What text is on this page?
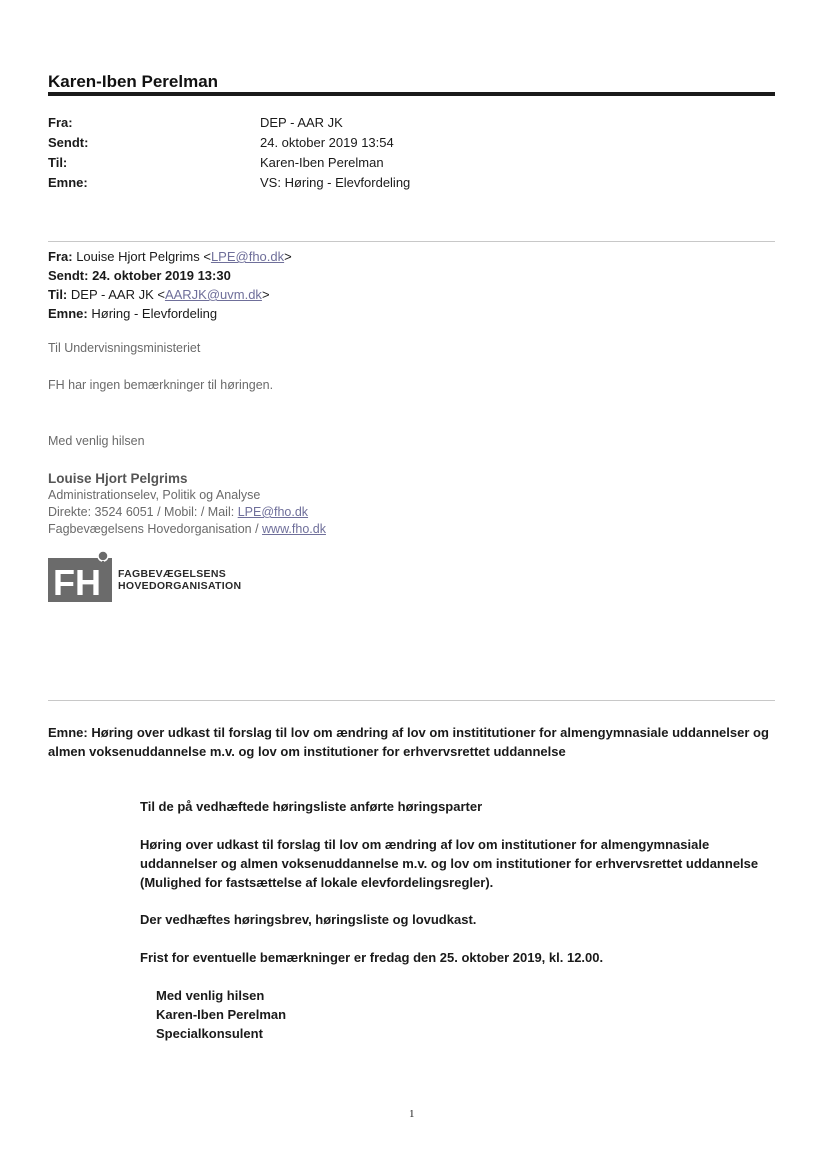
Karen-Iben Perelman
Fra:	DEP - AAR JK
Sendt:	24. oktober 2019 13:54
Til:	Karen-Iben Perelman
Emne:	VS: Høring - Elevfordeling
Fra: Louise Hjort Pelgrims <LPE@fho.dk>
Sendt: 24. oktober 2019 13:30
Til: DEP - AAR JK <AARJK@uvm.dk>
Emne: Høring - Elevfordeling
Til Undervisningsministeriet
FH har ingen bemærkninger til høringen.
Med venlig hilsen
Louise Hjort Pelgrims
Administrationselev, Politik og Analyse
Direkte: 3524 6051 / Mobil: / Mail: LPE@fho.dk
Fagbevægelsens Hovedorganisation / www.fho.dk
FH FAGBEVÆGELSENS
HOVEDORGANISATION
Emne: Høring over udkast til forslag til lov om ændring af lov om instititutioner for almengymnasiale uddannelser og almen voksenuddannelse m.v. og lov om institutioner for erhvervsrettet uddannelse
Til de på vedhæftede høringsliste anførte høringsparter
Høring over udkast til forslag til lov om ændring af lov om institutioner for almengymnasiale uddannelser og almen voksenuddannelse m.v. og lov om institutioner for erhvervsrettet uddannelse (Mulighed for fastsættelse af lokale elevfordelingsregler).
Der vedhæftes høringsbrev, høringsliste og lovudkast.
Frist for eventuelle bemærkninger er fredag den 25. oktober 2019, kl. 12.00.
Med venlig hilsen
Karen-Iben Perelman
Specialkonsulent
1
